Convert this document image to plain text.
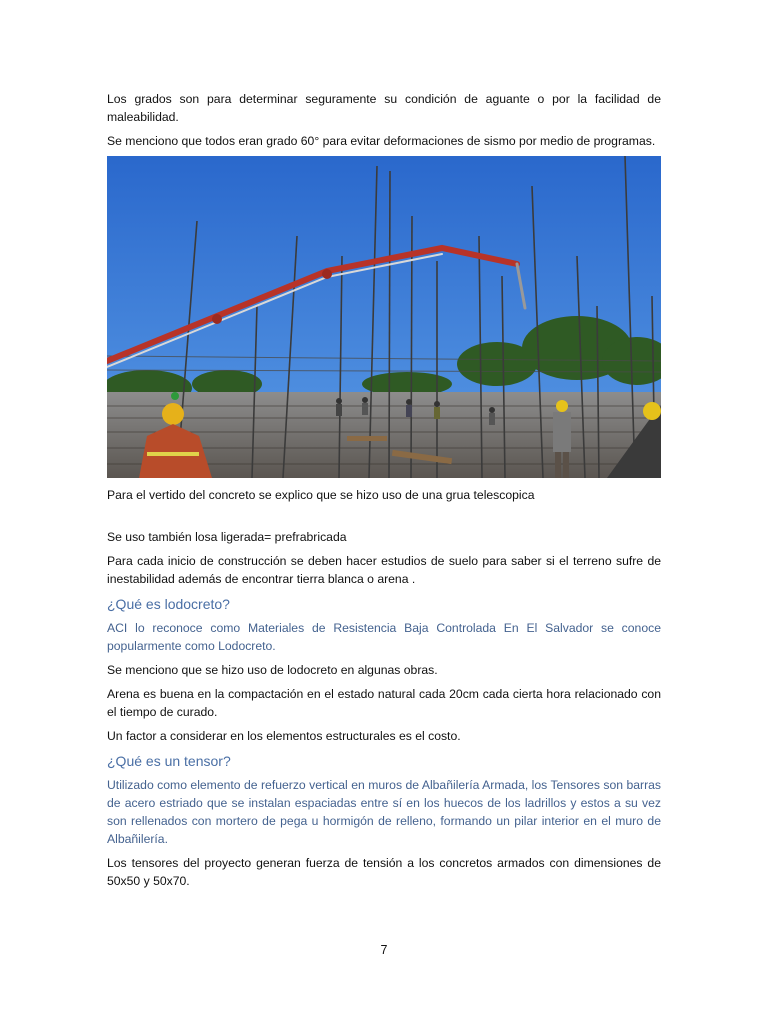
Los grados son para determinar seguramente su condición de aguante o por la facilidad de maleabilidad.

Se menciono que todos eran grado 60° para evitar deformaciones de sismo por medio de programas.

Para el vertido del concreto se explico que se hizo uso de una grua telescopica

Se uso también losa ligerada= prefrabricada

Para cada inicio de construcción se deben hacer estudios de suelo para saber si el terreno sufre de inestabilidad además de encontrar tierra blanca o arena .

¿Qué es lodocreto?

ACI lo reconoce como Materiales de Resistencia Baja Controlada En El Salvador se conoce popularmente como Lodocreto.

Se menciono que se hizo uso de lodocreto en algunas obras.

Arena es buena en la compactación en el estado natural cada 20cm cada cierta hora relacionado con el tiempo de curado.

Un factor a considerar en los elementos estructurales es el costo.

¿Qué es un tensor?

Utilizado como elemento de refuerzo vertical en muros de Albañilería Armada, los Tensores son barras de acero estriado que se instalan espaciadas entre sí en los huecos de los ladrillos y estos a su vez son rellenados con mortero de pega u hormigón de relleno, formando un pilar interior en el muro de Albañilería.

Los tensores del proyecto generan fuerza de tensión a los concretos armados con dimensiones de 50x50 y 50x70.

7
